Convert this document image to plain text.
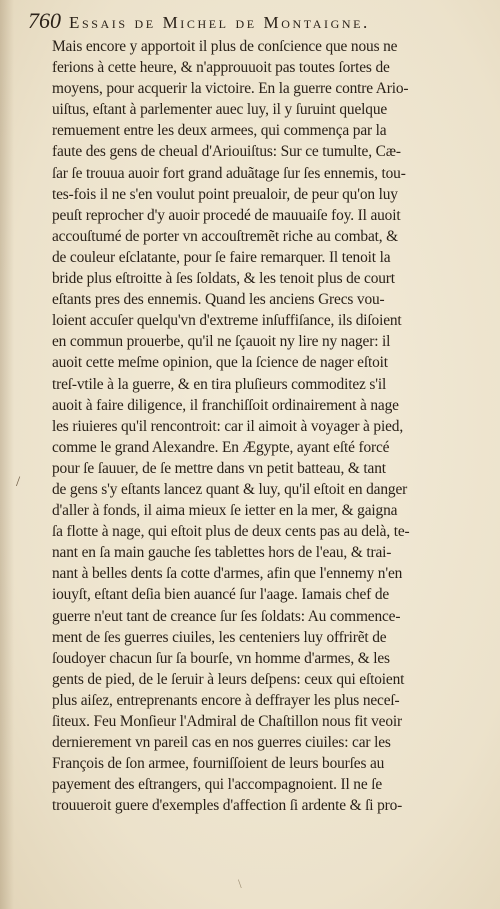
760 Essais de Michel de Montaigne.
Mais encore y apportoit il plus de conſcience que nous ne
ferions à cette heure, & n'approuuoit pas toutes ſortes de
moyens, pour acquerir la victoire. En la guerre contre Ario-
uiſtus, eſtant à parlementer auec luy, il y ſuruint quelque
remuement entre les deux armees, qui commença par la
faute des gens de cheual d'Ariouiſtus: Sur ce tumulte, Cæ-
ſar ſe trouua auoir fort grand aduãtage ſur ſes ennemis, tou-
tes-fois il ne s'en voulut point preualoir, de peur qu'on luy
peuſt reprocher d'y auoir procedé de mauuaiſe foy. Il auoit
accouſtumé de porter vn accouſtremẽt riche au combat, &
de couleur eſclatante, pour ſe faire remarquer. Il tenoit la
bride plus eſtroitte à ſes ſoldats, & les tenoit plus de court
eſtants pres des ennemis. Quand les anciens Grecs vou-
loient accuſer quelqu'vn d'extreme inſuffiſance, ils diſoient
en commun prouerbe, qu'il ne ſçauoit ny lire ny nager: il
auoit cette meſme opinion, que la ſcience de nager eſtoit
treſ-vtile à la guerre, & en tira pluſieurs commoditez s'il
auoit à faire diligence, il franchiſſoit ordinairement à nage
les riuieres qu'il rencontroit: car il aimoit à voyager à pied,
comme le grand Alexandre. En Ægypte, ayant eſté forcé
pour ſe ſauuer, de ſe mettre dans vn petit batteau, & tant
de gens s'y eſtants lancez quant & luy, qu'il eſtoit en danger
d'aller à fonds, il aima mieux ſe ietter en la mer, & gaigna
ſa flotte à nage, qui eſtoit plus de deux cents pas au delà, te-
nant en ſa main gauche ſes tablettes hors de l'eau, & trai-
nant à belles dents ſa cotte d'armes, afin que l'ennemy n'en
iouyſt, eſtant deſia bien auancé ſur l'aage. Iamais chef de
guerre n'eut tant de creance ſur ſes ſoldats: Au commence-
ment de ſes guerres ciuiles, les centeniers luy offrirẽt de
ſoudoyer chacun ſur ſa bourſe, vn homme d'armes, & les
gents de pied, de le ſeruir à leurs deſpens: ceux qui eſtoient
plus aiſez, entreprenants encore à deffrayer les plus neceſ-
ſiteux. Feu Monſieur l'Admiral de Chaſtillon nous fit veoir
dernierement vn pareil cas en nos guerres ciuiles: car les
François de ſon armee, fourniſſoient de leurs bourſes au
payement des eſtrangers, qui l'accompagnoient. Il ne ſe
trouueroit guere d'exemples d'affection ſi ardente & ſi pro-
/
\
